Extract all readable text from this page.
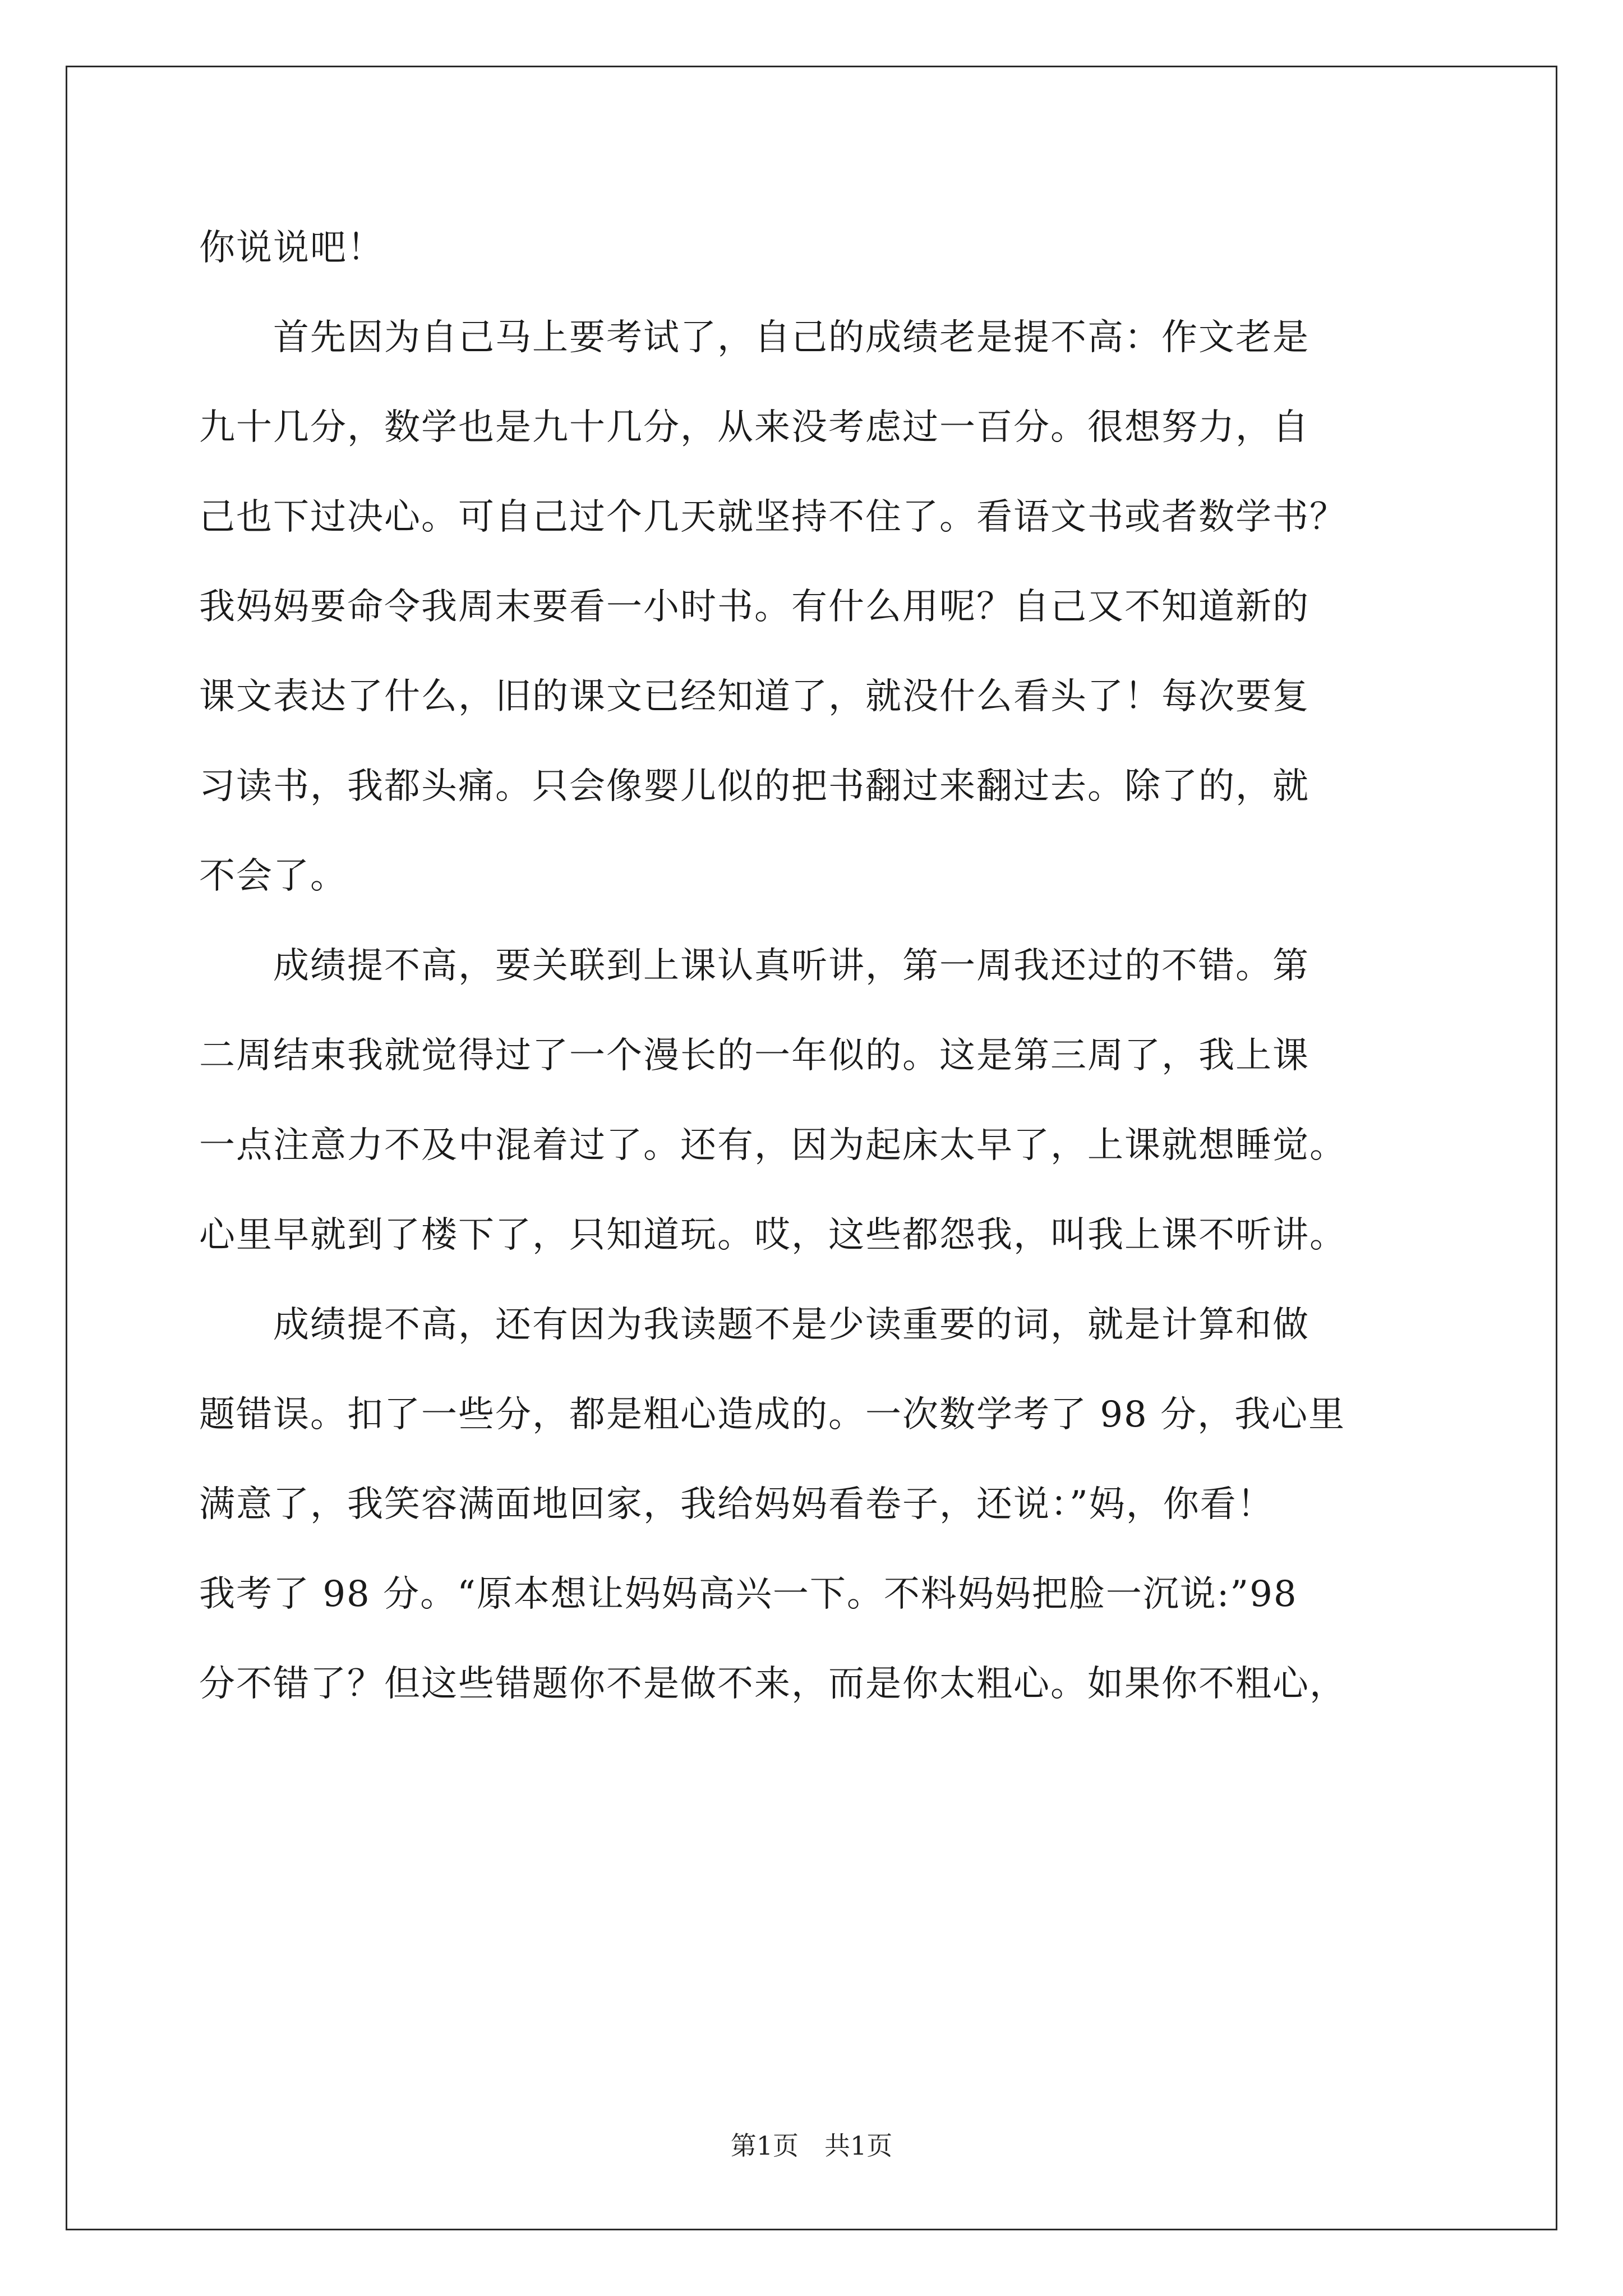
你说说吧！
　　首先因为自己马上要考试了，自己的成绩老是提不高：作文老是
九十几分，数学也是九十几分，从来没考虑过一百分。很想努力，自
己也下过决心。可自己过个几天就坚持不住了。看语文书或者数学书？
我妈妈要命令我周末要看一小时书。有什么用呢？自己又不知道新的
课文表达了什么，旧的课文已经知道了，就没什么看头了！每次要复
习读书，我都头痛。只会像婴儿似的把书翻过来翻过去。除了的，就
不会了。
　　成绩提不高，要关联到上课认真听讲，第一周我还过的不错。第
二周结束我就觉得过了一个漫长的一年似的。这是第三周了，我上课
一点注意力不及中混着过了。还有，因为起床太早了，上课就想睡觉。
心里早就到了楼下了，只知道玩。哎，这些都怨我，叫我上课不听讲。
　　成绩提不高，还有因为我读题不是少读重要的词，就是计算和做
题错误。扣了一些分，都是粗心造成的。一次数学考了 98 分，我心里
满意了，我笑容满面地回家，我给妈妈看卷子，还说：”妈，你看！
我考了 98 分。“原本想让妈妈高兴一下。不料妈妈把脸一沉说:”98
分不错了？但这些错题你不是做不来，而是你太粗心。如果你不粗心，
第1页　共1页
